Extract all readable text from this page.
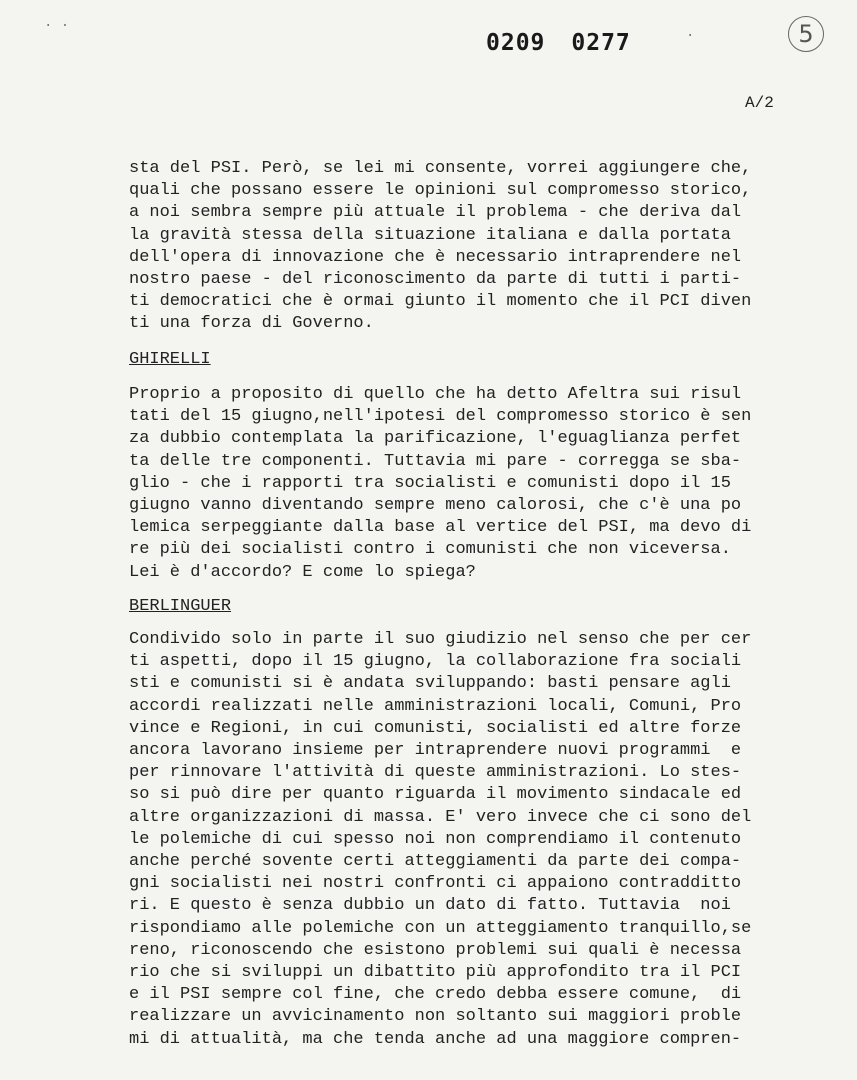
· ·
·
0209 0277	5
A/2
sta del PSI. Però, se lei mi consente, vorrei aggiungere che,
quali che possano essere le opinioni sul compromesso storico,
a noi sembra sempre più attuale il problema - che deriva dal
la gravità stessa della situazione italiana e dalla portata
dell'opera di innovazione che è necessario intraprendere nel
nostro paese - del riconoscimento da parte di tutti i parti-
ti democratici che è ormai giunto il momento che il PCI diven
ti una forza di Governo.
GHIRELLI
Proprio a proposito di quello che ha detto Afeltra sui risul
tati del 15 giugno,nell'ipotesi del compromesso storico è sen
za dubbio contemplata la parificazione, l'eguaglianza perfet
ta delle tre componenti. Tuttavia mi pare - corregga se sba-
glio - che i rapporti tra socialisti e comunisti dopo il 15
giugno vanno diventando sempre meno calorosi, che c'è una po
lemica serpeggiante dalla base al vertice del PSI, ma devo di
re più dei socialisti contro i comunisti che non viceversa.
Lei è d'accordo? E come lo spiega?
BERLINGUER
Condivido solo in parte il suo giudizio nel senso che per cer
ti aspetti, dopo il 15 giugno, la collaborazione fra sociali
sti e comunisti si è andata sviluppando: basti pensare agli
accordi realizzati nelle amministrazioni locali, Comuni, Pro
vince e Regioni, in cui comunisti, socialisti ed altre forze
ancora lavorano insieme per intraprendere nuovi programmi  e
per rinnovare l'attività di queste amministrazioni. Lo stes-
so si può dire per quanto riguarda il movimento sindacale ed
altre organizzazioni di massa. E' vero invece che ci sono del
le polemiche di cui spesso noi non comprendiamo il contenuto
anche perché sovente certi atteggiamenti da parte dei compa-
gni socialisti nei nostri confronti ci appaiono contradditto
ri. E questo è senza dubbio un dato di fatto. Tuttavia  noi
rispondiamo alle polemiche con un atteggiamento tranquillo,se
reno, riconoscendo che esistono problemi sui quali è necessa
rio che si sviluppi un dibattito più approfondito tra il PCI
e il PSI sempre col fine, che credo debba essere comune,  di
realizzare un avvicinamento non soltanto sui maggiori proble
mi di attualità, ma che tenda anche ad una maggiore compren-
